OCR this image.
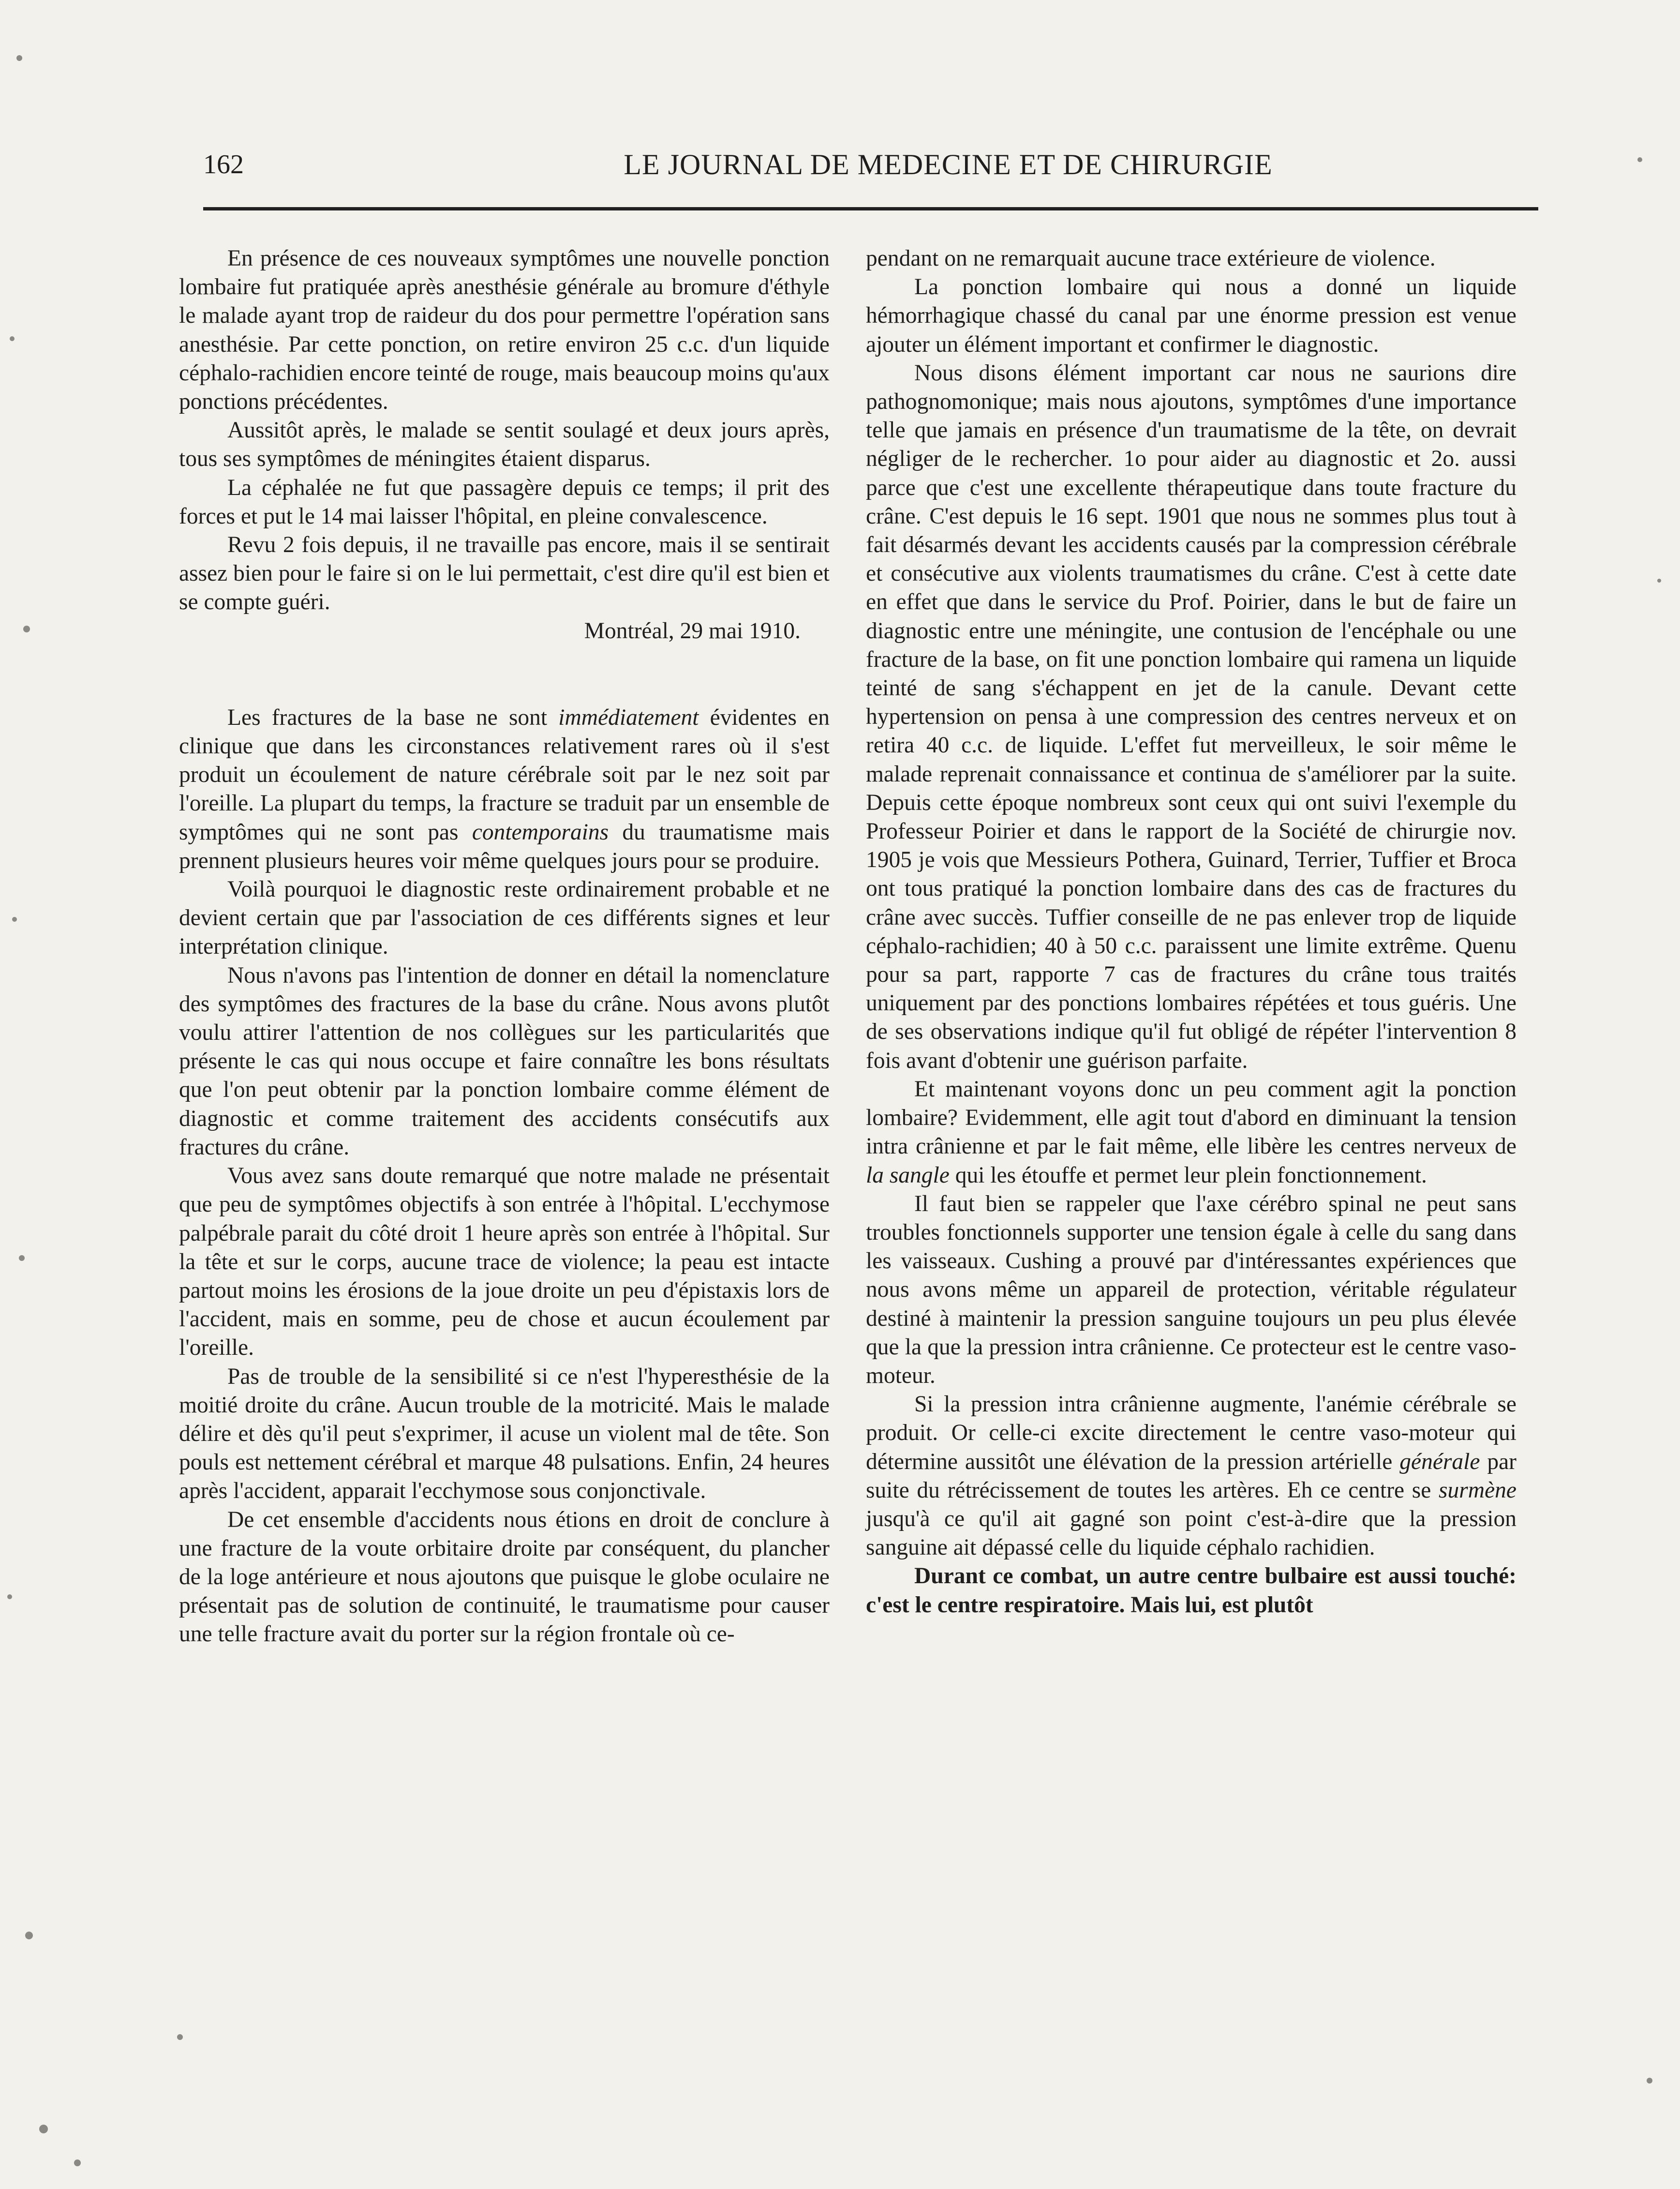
162	LE JOURNAL DE MEDECINE ET DE CHIRURGIE

En présence de ces nouveaux symptômes une nouvelle ponction lombaire fut pratiquée après anesthésie générale au bromure d'éthyle le malade ayant trop de raideur du dos pour permettre l'opération sans anesthésie. Par cette ponction, on retire environ 25 c.c. d'un liquide céphalo-rachidien encore teinté de rouge, mais beaucoup moins qu'aux ponctions précédentes.

Aussitôt après, le malade se sentit soulagé et deux jours après, tous ses symptômes de méningites étaient disparus.

La céphalée ne fut que passagère depuis ce temps; il prit des forces et put le 14 mai laisser l'hôpital, en pleine convalescence.

Revu 2 fois depuis, il ne travaille pas encore, mais il se sentirait assez bien pour le faire si on le lui permettait, c'est dire qu'il est bien et se compte guéri.

Montréal, 29 mai 1910.

Les fractures de la base ne sont immédiatement évidentes en clinique que dans les circonstances relativement rares où il s'est produit un écoulement de nature cérébrale soit par le nez soit par l'oreille. La plupart du temps, la fracture se traduit par un ensemble de symptômes qui ne sont pas contemporains du traumatisme mais prennent plusieurs heures voir même quelques jours pour se produire.

Voilà pourquoi le diagnostic reste ordinairement probable et ne devient certain que par l'association de ces différents signes et leur interprétation clinique.

Nous n'avons pas l'intention de donner en détail la nomenclature des symptômes des fractures de la base du crâne. Nous avons plutôt voulu attirer l'attention de nos collègues sur les particularités que présente le cas qui nous occupe et faire connaître les bons résultats que l'on peut obtenir par la ponction lombaire comme élément de diagnostic et comme traitement des accidents consécutifs aux fractures du crâne.

Vous avez sans doute remarqué que notre malade ne présentait que peu de symptômes objectifs à son entrée à l'hôpital. L'ecchymose palpébrale parait du côté droit 1 heure après son entrée à l'hôpital. Sur la tête et sur le corps, aucune trace de violence; la peau est intacte partout moins les érosions de la joue droite un peu d'épistaxis lors de l'accident, mais en somme, peu de chose et aucun écoulement par l'oreille.

Pas de trouble de la sensibilité si ce n'est l'hyperesthésie de la moitié droite du crâne. Aucun trouble de la motricité. Mais le malade délire et dès qu'il peut s'exprimer, il acuse un violent mal de tête. Son pouls est nettement cérébral et marque 48 pulsations. Enfin, 24 heures après l'accident, apparait l'ecchymose sous conjonctivale.

De cet ensemble d'accidents nous étions en droit de conclure à une fracture de la voute orbitaire droite par conséquent, du plancher de la loge antérieure et nous ajoutons que puisque le globe oculaire ne présentait pas de solution de continuité, le traumatisme pour causer une telle fracture avait du porter sur la région frontale où ce-

pendant on ne remarquait aucune trace extérieure de violence.

La ponction lombaire qui nous a donné un liquide hémorrhagique chassé du canal par une énorme pression est venue ajouter un élément important et confirmer le diagnostic.

Nous disons élément important car nous ne saurions dire pathognomonique; mais nous ajoutons, symptômes d'une importance telle que jamais en présence d'un traumatisme de la tête, on devrait négliger de le rechercher. 1o pour aider au diagnostic et 2o. aussi parce que c'est une excellente thérapeutique dans toute fracture du crâne. C'est depuis le 16 sept. 1901 que nous ne sommes plus tout à fait désarmés devant les accidents causés par la compression cérébrale et consécutive aux violents traumatismes du crâne. C'est à cette date en effet que dans le service du Prof. Poirier, dans le but de faire un diagnostic entre une méningite, une contusion de l'encéphale ou une fracture de la base, on fit une ponction lombaire qui ramena un liquide teinté de sang s'échappent en jet de la canule. Devant cette hypertension on pensa à une compression des centres nerveux et on retira 40 c.c. de liquide. L'effet fut merveilleux, le soir même le malade reprenait connaissance et continua de s'améliorer par la suite. Depuis cette époque nombreux sont ceux qui ont suivi l'exemple du Professeur Poirier et dans le rapport de la Société de chirurgie nov. 1905 je vois que Messieurs Pothera, Guinard, Terrier, Tuffier et Broca ont tous pratiqué la ponction lombaire dans des cas de fractures du crâne avec succès. Tuffier conseille de ne pas enlever trop de liquide céphalo-rachidien; 40 à 50 c.c. paraissent une limite extrême. Quenu pour sa part, rapporte 7 cas de fractures du crâne tous traités uniquement par des ponctions lombaires répétées et tous guéris. Une de ses observations indique qu'il fut obligé de répéter l'intervention 8 fois avant d'obtenir une guérison parfaite.

Et maintenant voyons donc un peu comment agit la ponction lombaire? Evidemment, elle agit tout d'abord en diminuant la tension intra crânienne et par le fait même, elle libère les centres nerveux de la sangle qui les étouffe et permet leur plein fonctionnement.

Il faut bien se rappeler que l'axe cérébro spinal ne peut sans troubles fonctionnels supporter une tension égale à celle du sang dans les vaisseaux. Cushing a prouvé par d'intéressantes expériences que nous avons même un appareil de protection, véritable régulateur destiné à maintenir la pression sanguine toujours un peu plus élevée que la que la pression intra crânienne. Ce protecteur est le centre vaso-moteur.

Si la pression intra crânienne augmente, l'anémie cérébrale se produit. Or celle-ci excite directement le centre vaso-moteur qui détermine aussitôt une élévation de la pression artérielle générale par suite du rétrécissement de toutes les artères. Eh ce centre se surmène jusqu'à ce qu'il ait gagné son point c'est-à-dire que la pression sanguine ait dépassé celle du liquide céphalo rachidien.

Durant ce combat, un autre centre bulbaire est aussi touché: c'est le centre respiratoire. Mais lui, est plutôt
